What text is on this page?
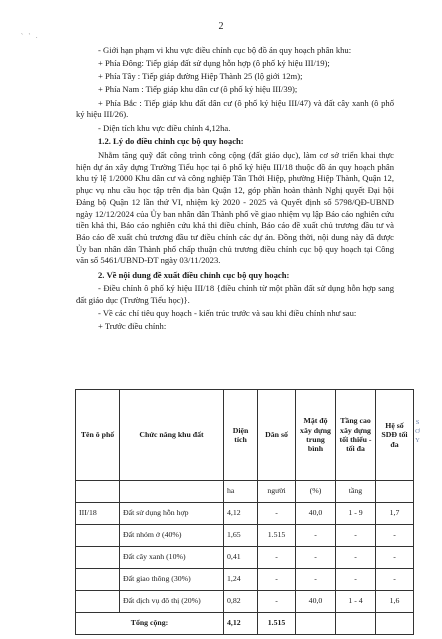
2
` ` .

- Giới hạn phạm vi khu vực điều chỉnh cục bộ đồ án quy hoạch phân khu:

+ Phía Đông: Tiếp giáp đất sử dụng hỗn hợp (ô phố ký hiệu III/19);

+ Phía Tây : Tiếp giáp đường Hiệp Thành 25 (lộ giới 12m);

+ Phía Nam : Tiếp giáp khu dân cư (ô phố ký hiệu III/39);

+ Phía Bắc : Tiếp giáp khu đất dân cư (ô phố ký hiệu III/47) và đất cây xanh (ô phố ký hiệu III/26).

- Diện tích khu vực điều chỉnh 4,12ha.

1.2. Lý do điều chỉnh cục bộ quy hoạch:

Nhằm tăng quỹ đất công trình công cộng (đất giáo dục), làm cơ sở triển khai thực hiện dự án xây dựng Trường Tiểu học tại ô phố ký hiệu III/18 thuộc đồ án quy hoạch phân khu tỷ lệ 1/2000 Khu dân cư và công nghiệp Tân Thới Hiệp, phường Hiệp Thành, Quận 12, phục vụ nhu cầu học tập trên địa bàn Quận 12, góp phần hoàn thành Nghị quyết Đại hội Đảng bộ Quận 12 lần thứ VI, nhiệm kỳ 2020 - 2025 và Quyết định số 5798/QĐ-UBND ngày 12/12/2024 của Ủy ban nhân dân Thành phố về giao nhiệm vụ lập Báo cáo nghiên cứu tiền khả thi, Báo cáo nghiên cứu khả thi điều chỉnh, Báo cáo đề xuất chủ trương đầu tư và Báo cáo đề xuất chủ trương đầu tư điều chỉnh các dự án. Đồng thời, nội dung này đã được Ủy ban nhân dân Thành phố chấp thuận chủ trương điều chỉnh cục bộ quy hoạch tại Công văn số 5461/UBND-ĐT ngày 03/11/2023.

2. Về nội dung đề xuất điều chỉnh cục bộ quy hoạch:

- Điều chỉnh ô phố ký hiệu III/18 {điều chỉnh từ một phần đất sử dụng hỗn hợp sang đất giáo dục (Trường Tiểu học)}.

- Về các chỉ tiêu quy hoạch - kiến trúc trước và sau khi điều chỉnh như sau:

+ Trước điều chỉnh:

S Ơ Y
Tên ô phố	Chức năng khu đất	Diện tích	Dân số	Mật độ xây dựng trung bình	Tầng cao xây dựng tối thiểu - tối đa	Hệ số SDĐ tối đa
		ha	người	(%)	tầng	
III/18	Đất sử dụng hỗn hợp	4,12	-	40,0	1 - 9	1,7
	Đất nhóm ở (40%)	1,65	1.515	-	-	-
	Đất cây xanh (10%)	0,41	-	-	-	-
	Đất giao thông (30%)	1,24	-	-	-	-
	Đất dịch vụ đô thị (20%)	0,82	-	40,0	1 - 4	1,6
Tổng cộng:		4,12	1.515			
